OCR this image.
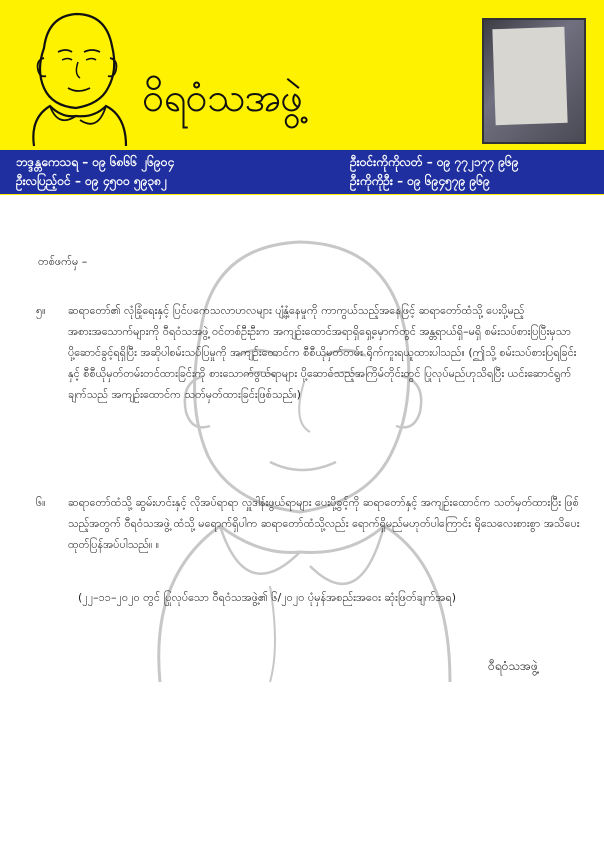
ဝိရဝံသအဖွဲ့
ဘဒ္ဒန္တကေသရ – ၀၉ ၆၈၆၆ ၂၆၉၀၄
ဦးလပြည့်ဝင် – ၀၉ ၄၅၀၀ ၅၉၃၈၂
ဦးဝင်းကိုကိုလတ် – ၀၉ ၇၇၂၁၇၇ ၉၆၉
ဦးကိုကိုဦး – ၀၉ ၆၉၄၅၇၉ ၉၆၉
တစ်ဖက်မှ –
၅။ ဆရာတော်၏ လုံခြုံရေးနှင့် ပြင်ပကေသလာဟလများ ပျံ့နှံ့နေမှုကို ကာကွယ်သည့်အနေဖြင့် ဆရာတော်ထံသို့ ပေးပို့မည့် အစားအသောက်များကို ဝီရဝံသအဖွဲ့ ဝင်တစ်ဦးဦးက အကျဉ်းထောင်အရာရှိရှေ့မှောက်တွင် အန္တရာယ်ရှိ–မရှိ စမ်းသပ်စားပြပြီးမှသာ ပို့ဆောင်ခွင့်ရရှိပြီး အဆိုပါစမ်းသပ်ပြမှုကို အကျဉ်းထောင်က စီစီယိုမှတ်တမ်း ရိုက်ကူးရယူထားပါသည်။ (ဤသို့ စမ်းသပ်စားပြရခြင်းနှင့် စီစီယိုမှတ်တမ်းတင်ထားခြင်းကို စားသောက်ဖွယ်ရာများ ပို့ဆောင်သည့်အကြိမ်တိုင်းတွင် ပြုလုပ်မည်ဟုသိရပြီး ယင်းဆောင်ရွက်ချက်သည် အကျဉ်းထောင်က သတ်မှတ်ထားခြင်းဖြစ်သည်။)
၆။ ဆရာတော်ထံသို့ ဆွမ်းဟင်းနှင့် လိုအပ်ရာရာ လှူဒါန်းဖွယ်ရာများ ပေးပို့ခွင့်ကို ဆရာတော်နှင့် အကျဉ်းထောင်က သတ်မှတ်ထားပြီး ဖြစ်သည့်အတွက် ဝီရဝံသအဖွဲ့ ထံသို့ မရောက်ရှိပါက ဆရာတော်ထံသို့လည်း ရောက်ရှိမည်မဟုတ်ပါကြောင်း ရိုသေလေးစားစွာ အသိပေးထုတ်ပြန်အပ်ပါသည်။ ။
(၂၂–၁၁–၂၀၂၀ တွင် ပြုလုပ်သော ဝီရဝံသအဖွဲ့၏ ၆/၂၀၂၀ ပုံမှန်အစည်းအဝေး ဆုံးဖြတ်ချက်အရ)
ဝီရဝံသအဖွဲ့
